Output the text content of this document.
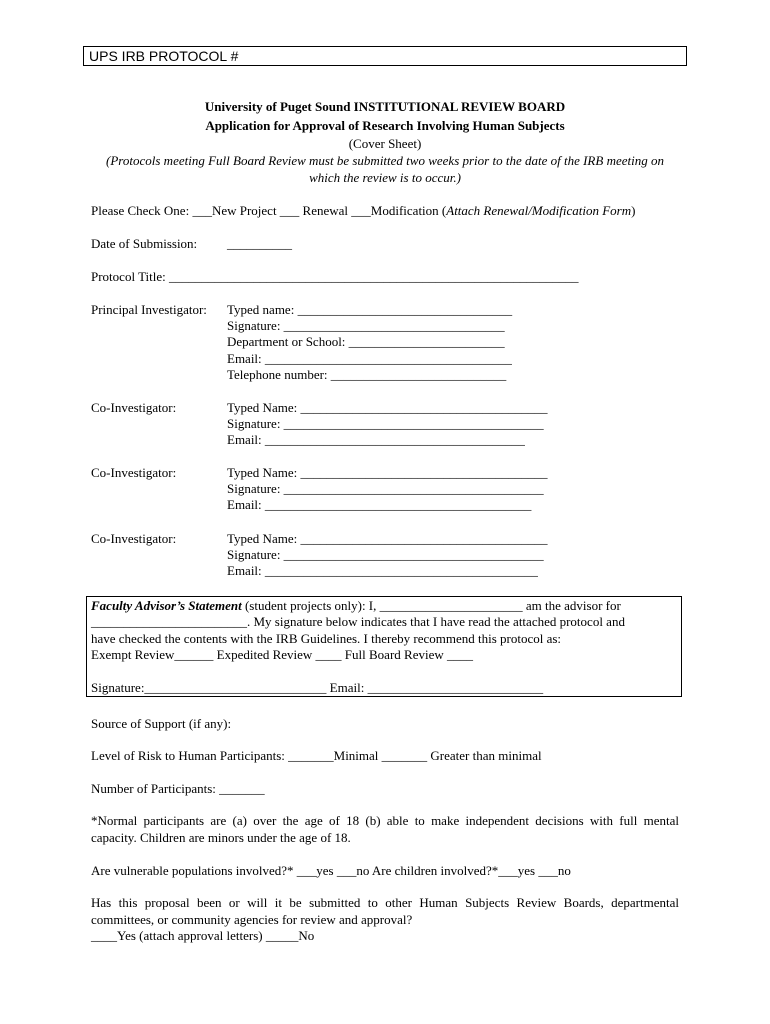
UPS IRB PROTOCOL #
University of Puget Sound INSTITUTIONAL REVIEW BOARD
Application for Approval of Research Involving Human Subjects
(Cover Sheet)
(Protocols meeting Full Board Review must be submitted two weeks prior to the date of the IRB meeting on
which the review is to occur.)
Please Check One: ___New Project ___ Renewal ___Modification (Attach Renewal/Modification Form)
Date of Submission: __________
Protocol Title: _______________________________________________________________
Principal Investigator: Typed name: _________________________________
Signature: __________________________________
Department or School: ________________________
Email: ______________________________________
Telephone number: ___________________________
Co-Investigator:	Typed Name: ______________________________________
Signature: ________________________________________
Email: ________________________________________
Co-Investigator:	Typed Name: ______________________________________
Signature: ________________________________________
Email: _________________________________________
Co-Investigator:	Typed Name: ______________________________________
Signature: ________________________________________
Email: __________________________________________
Faculty Advisor’s Statement (student projects only): I, ______________________ am the advisor for
________________________. My signature below indicates that I have read the attached protocol and
have checked the contents with the IRB Guidelines. I thereby recommend this protocol as:
Exempt Review______ Expedited Review ____ Full Board Review ____
Signature:____________________________ Email: ___________________________
Source of Support (if any):
Level of Risk to Human Participants: _______Minimal _______ Greater than minimal
Number of Participants: _______
*Normal participants are (a) over the age of 18 (b) able to make independent decisions with full mental
capacity. Children are minors under the age of 18.
Are vulnerable populations involved?* ___yes ___no Are children involved?*___yes ___no
Has this proposal been or will it be submitted to other Human Subjects Review Boards, departmental
committees, or community agencies for review and approval?
____Yes (attach approval letters) _____No
